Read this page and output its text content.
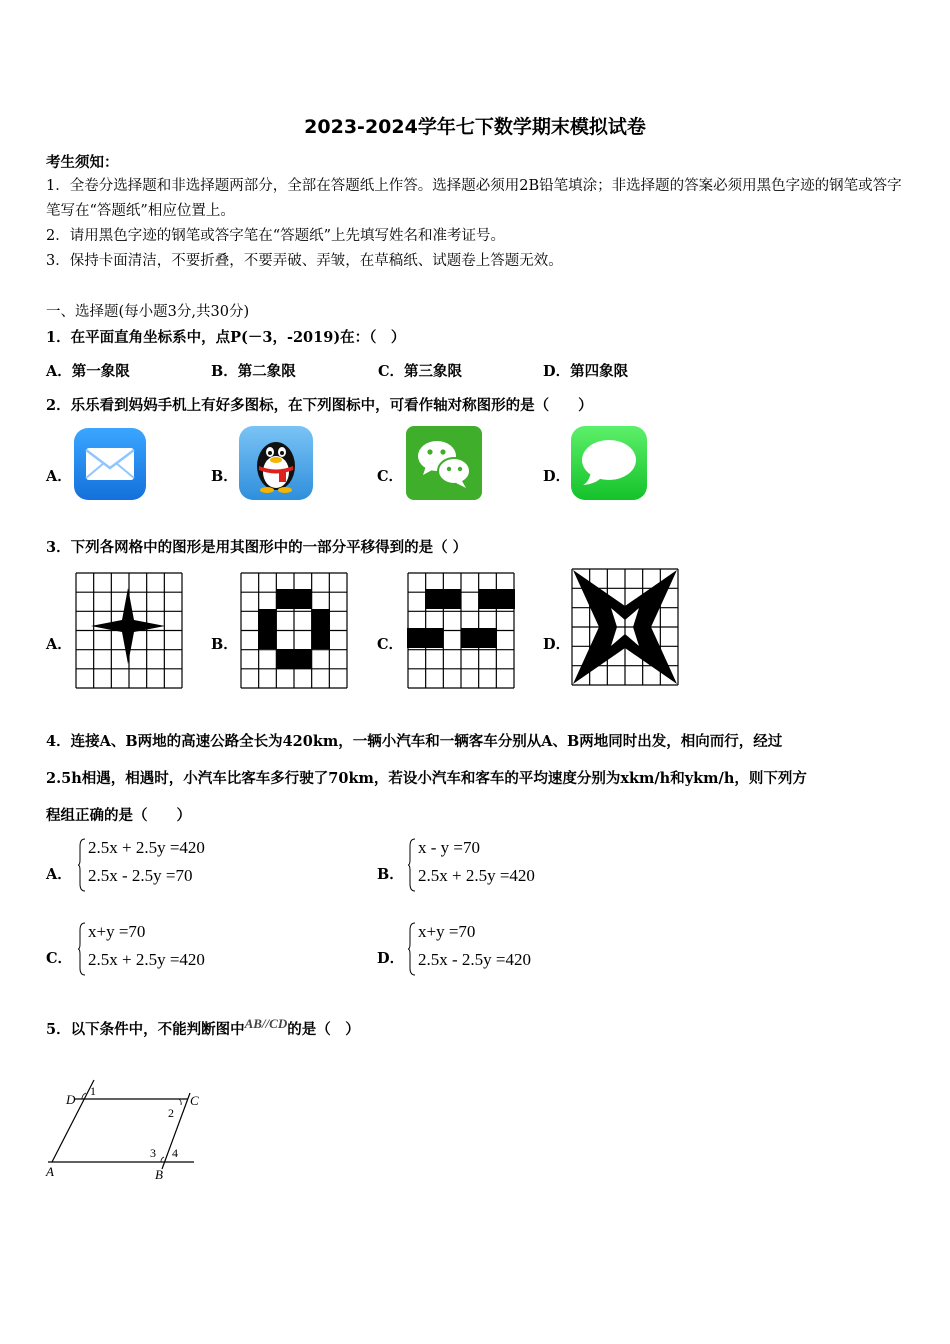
2023-2024学年七下数学期末模拟试卷
考生须知：
1．全卷分选择题和非选择题两部分，全部在答题纸上作答。选择题必须用2B铅笔填涂；非选择题的答案必须用黑色字迹的钢笔或答字笔写在“答题纸”相应位置上。
2．请用黑色字迹的钢笔或答字笔在“答题纸”上先填写姓名和准考证号。
3．保持卡面清洁，不要折叠，不要弄破、弄皱，在草稿纸、试题卷上答题无效。
一、选择题(每小题3分,共30分)
1．在平面直角坐标系中，点P(－3，-2019)在：（　）
A．第一象限	B．第二象限	C．第三象限	D．第四象限
2．乐乐看到妈妈手机上有好多图标，在下列图标中，可看作轴对称图形的是（　　）
A．	B．	C．	D．
3．下列各网格中的图形是用其图形中的一部分平移得到的是（ ）
A．	B．	C．	D．
4．连接A、B两地的高速公路全长为420km，一辆小汽车和一辆客车分别从A、B两地同时出发，相向而行，经过
2.5h相遇，相遇时，小汽车比客车多行驶了70km，若设小汽车和客车的平均速度分别为xkm/h和ykm/h，则下列方
程组正确的是（　　）
A．
2.5x + 2.5y =420
2.5x - 2.5y =70	B．
x - y =70
2.5x + 2.5y =420
C．
x+y =70
2.5x + 2.5y =420	D．
x+y =70
2.5x - 2.5y =420
5．以下条件中，不能判断图中AB//CD的是（　）
D	C
A	B
1
2
3 4
